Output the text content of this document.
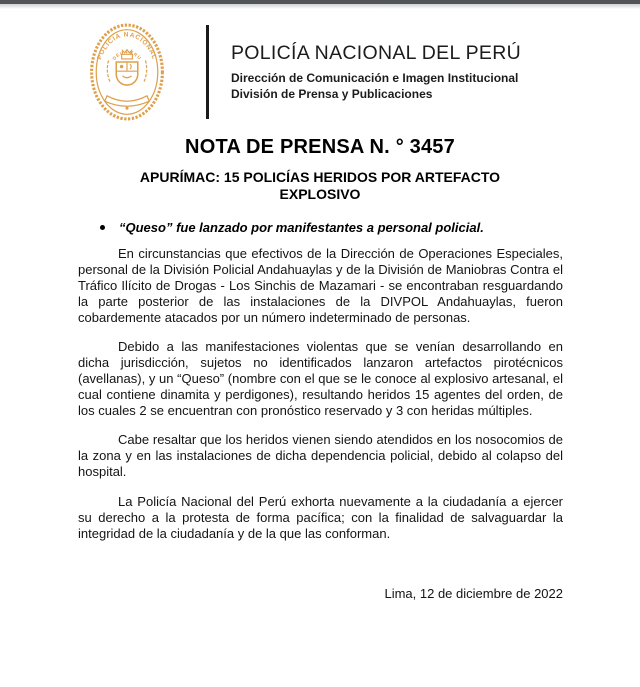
POLICIA NACIONAL
DEL PERU	POLICÍA NACIONAL DEL PERÚ
Dirección de Comunicación e Imagen Institucional
División de Prensa y Publicaciones
NOTA DE PRENSA N. ° 3457
APURÍMAC: 15 POLICÍAS HERIDOS POR ARTEFACTO EXPLOSIVO
“Queso” fue lanzado por manifestantes a personal policial.

En circunstancias que efectivos de la Dirección de Operaciones Especiales, personal de la División Policial Andahuaylas y de la División de Maniobras Contra el Tráfico Ilícito de Drogas - Los Sinchis de Mazamari - se encontraban resguardando la parte posterior de las instalaciones de la DIVPOL Andahuaylas, fueron cobardemente atacados por un número indeterminado de personas.

Debido a las manifestaciones violentas que se venían desarrollando en dicha jurisdicción, sujetos no identificados lanzaron artefactos pirotécnicos (avellanas), y un “Queso” (nombre con el que se le conoce al explosivo artesanal, el cual contiene dinamita y perdigones), resultando heridos 15 agentes del orden, de los cuales 2 se encuentran con pronóstico reservado y 3 con heridas múltiples.

Cabe resaltar que los heridos vienen siendo atendidos en los nosocomios de la zona y en las instalaciones de dicha dependencia policial, debido al colapso del hospital.

La Policía Nacional del Perú exhorta nuevamente a la ciudadanía a ejercer su derecho a la protesta de forma pacífica; con la finalidad de salvaguardar la integridad de la ciudadanía y de la que las conforman.

Lima, 12 de diciembre de 2022
